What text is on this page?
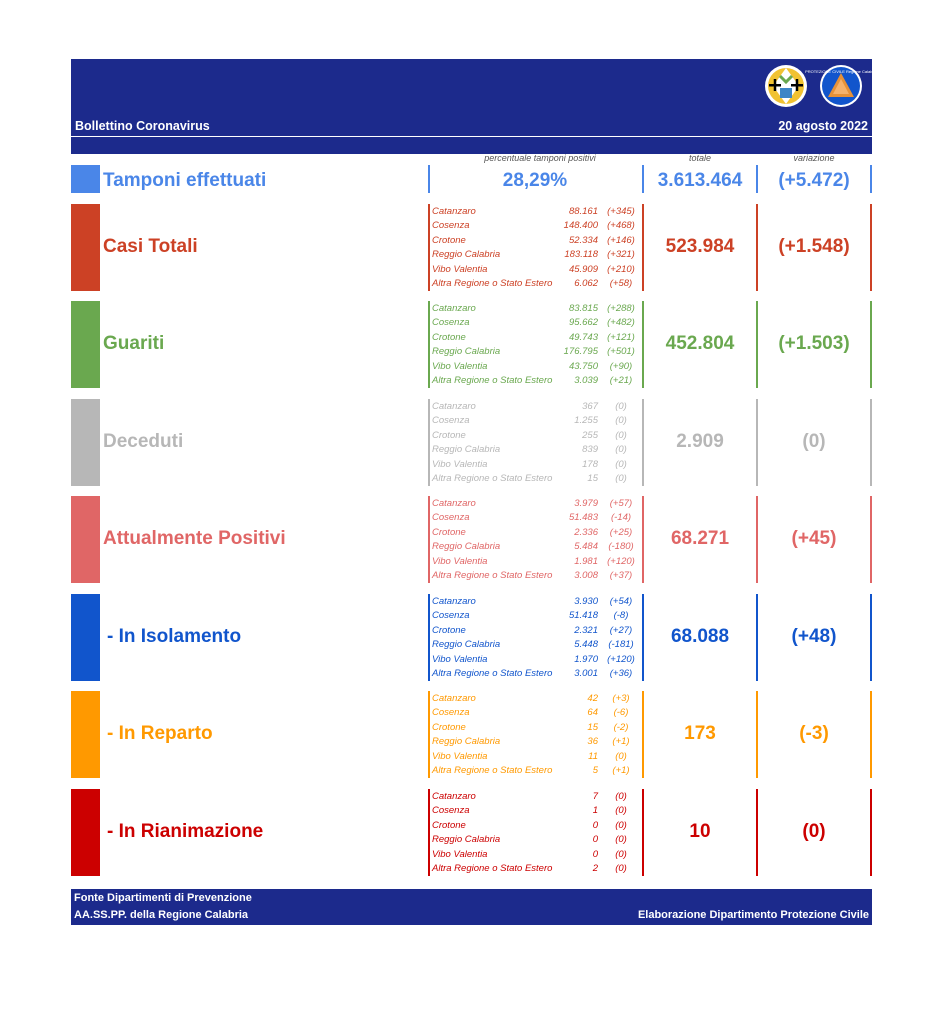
PROTEZIONE CIVILE Regione Calabria
Bollettino Coronavirus	20 agosto 2022
percentuale tamponi positivi	totale	variazione
Tamponi effettuati	28,29%	3.613.464	(+5.472)
Casi Totali
Catanzaro	88.161 (+345)
Cosenza	148.400 (+468)
Crotone	52.334 (+146)
Reggio Calabria	183.118 (+321)
Vibo Valentia	45.909 (+210)
Altra Regione o Stato Estero 6.062	(+58)
523.984	(+1.548)
Guariti
Catanzaro	83.815 (+288)
Cosenza	95.662 (+482)
Crotone	49.743 (+121)
Reggio Calabria	176.795 (+501)
Vibo Valentia	43.750	(+90)
Altra Regione o Stato Estero 3.039	(+21)
452.804	(+1.503)
Deceduti
Catanzaro	367	(0)
Cosenza	1.255	(0)
Crotone	255	(0)
Reggio Calabria	839	(0)
Vibo Valentia	178	(0)
Altra Regione o Stato Estero	15	(0)
2.909	(0)
Attualmente Positivi
Catanzaro	3.979	(+57)
Cosenza	51.483	(-14)
Crotone	2.336	(+25)
Reggio Calabria	5.484	(-180)
Vibo Valentia	1.981 (+120)
Altra Regione o Stato Estero 3.008	(+37)
68.271	(+45)
- In Isolamento
Catanzaro	3.930	(+54)
Cosenza	51.418	(-8)
Crotone	2.321	(+27)
Reggio Calabria	5.448	(-181)
Vibo Valentia	1.970 (+120)
Altra Regione o Stato Estero 3.001	(+36)
68.088	(+48)
- In Reparto
Catanzaro	42	(+3)
Cosenza	64	(-6)
Crotone	15	(-2)
Reggio Calabria	36	(+1)
Vibo Valentia	11	(0)
Altra Regione o Stato Estero	5	(+1)
173	(-3)
- In Rianimazione
Catanzaro	7	(0)
Cosenza	1	(0)
Crotone	0	(0)
Reggio Calabria	0	(0)
Vibo Valentia	0	(0)
Altra Regione o Stato Estero	2	(0)
10	(0)
Fonte Dipartimenti di Prevenzione
AA.SS.PP. della Regione Calabria	Elaborazione Dipartimento Protezione Civile
